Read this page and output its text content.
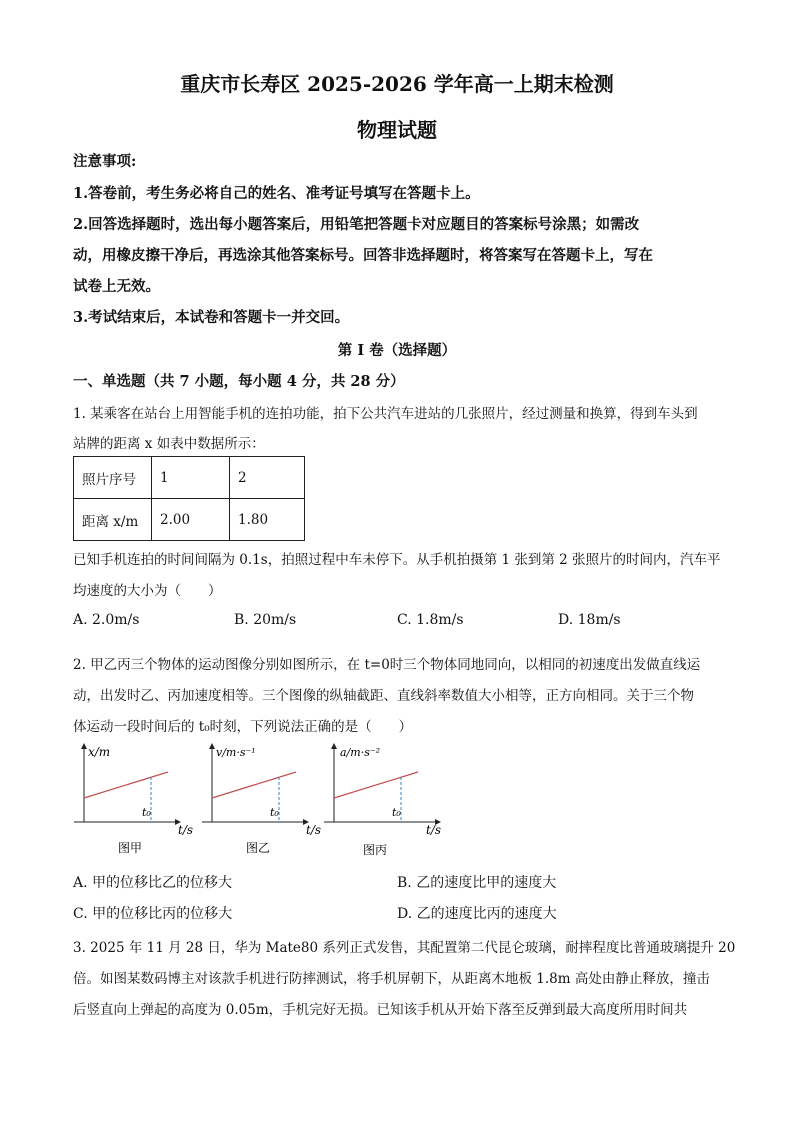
重庆市长寿区 2025-2026 学年高一上期末检测
物理试题
注意事项:
1.答卷前，考生务必将自己的姓名、准考证号填写在答题卡上。
2.回答选择题时，选出每小题答案后，用铅笔把答题卡对应题目的答案标号涂黑；如需改
动，用橡皮擦干净后，再选涂其他答案标号。回答非选择题时，将答案写在答题卡上，写在
试卷上无效。
3.考试结束后，本试卷和答题卡一并交回。
第 I 卷（选择题）
一、单选题（共 7 小题，每小题 4 分，共 28 分）
1. 某乘客在站台上用智能手机的连拍功能，拍下公共汽车进站的几张照片，经过测量和换算，得到车头到
站牌的距离 x 如表中数据所示：
照片序号	1	2
距离 x/m	2.00	1.80
已知手机连拍的时间间隔为 0.1s，拍照过程中车未停下。从手机拍摄第 1 张到第 2 张照片的时间内，汽车平
均速度的大小为（　　）
A. 2.0m/s	B. 20m/s	C. 1.8m/s	D. 18m/s
2. 甲乙丙三个物体的运动图像分别如图所示，在 t=0时三个物体同地同向，以相同的初速度出发做直线运
动，出发时乙、丙加速度相等。三个图像的纵轴截距、直线斜率数值大小相等，正方向相同。关于三个物
体运动一段时间后的 t₀时刻，下列说法正确的是（　　）
x/m
t₀
t/s
图甲
v/m·s⁻¹
t₀
t/s
图乙
a/m·s⁻²
t₀
t/s
图丙
A. 甲的位移比乙的位移大	B. 乙的速度比甲的速度大
C. 甲的位移比丙的位移大	D. 乙的速度比丙的速度大
3. 2025 年 11 月 28 日，华为 Mate80 系列正式发售，其配置第二代昆仑玻璃，耐摔程度比普通玻璃提升 20
倍。如图某数码博主对该款手机进行防摔测试，将手机屏朝下，从距离木地板 1.8m 高处由静止释放，撞击
后竖直向上弹起的高度为 0.05m，手机完好无损。已知该手机从开始下落至反弹到最大高度所用时间共
